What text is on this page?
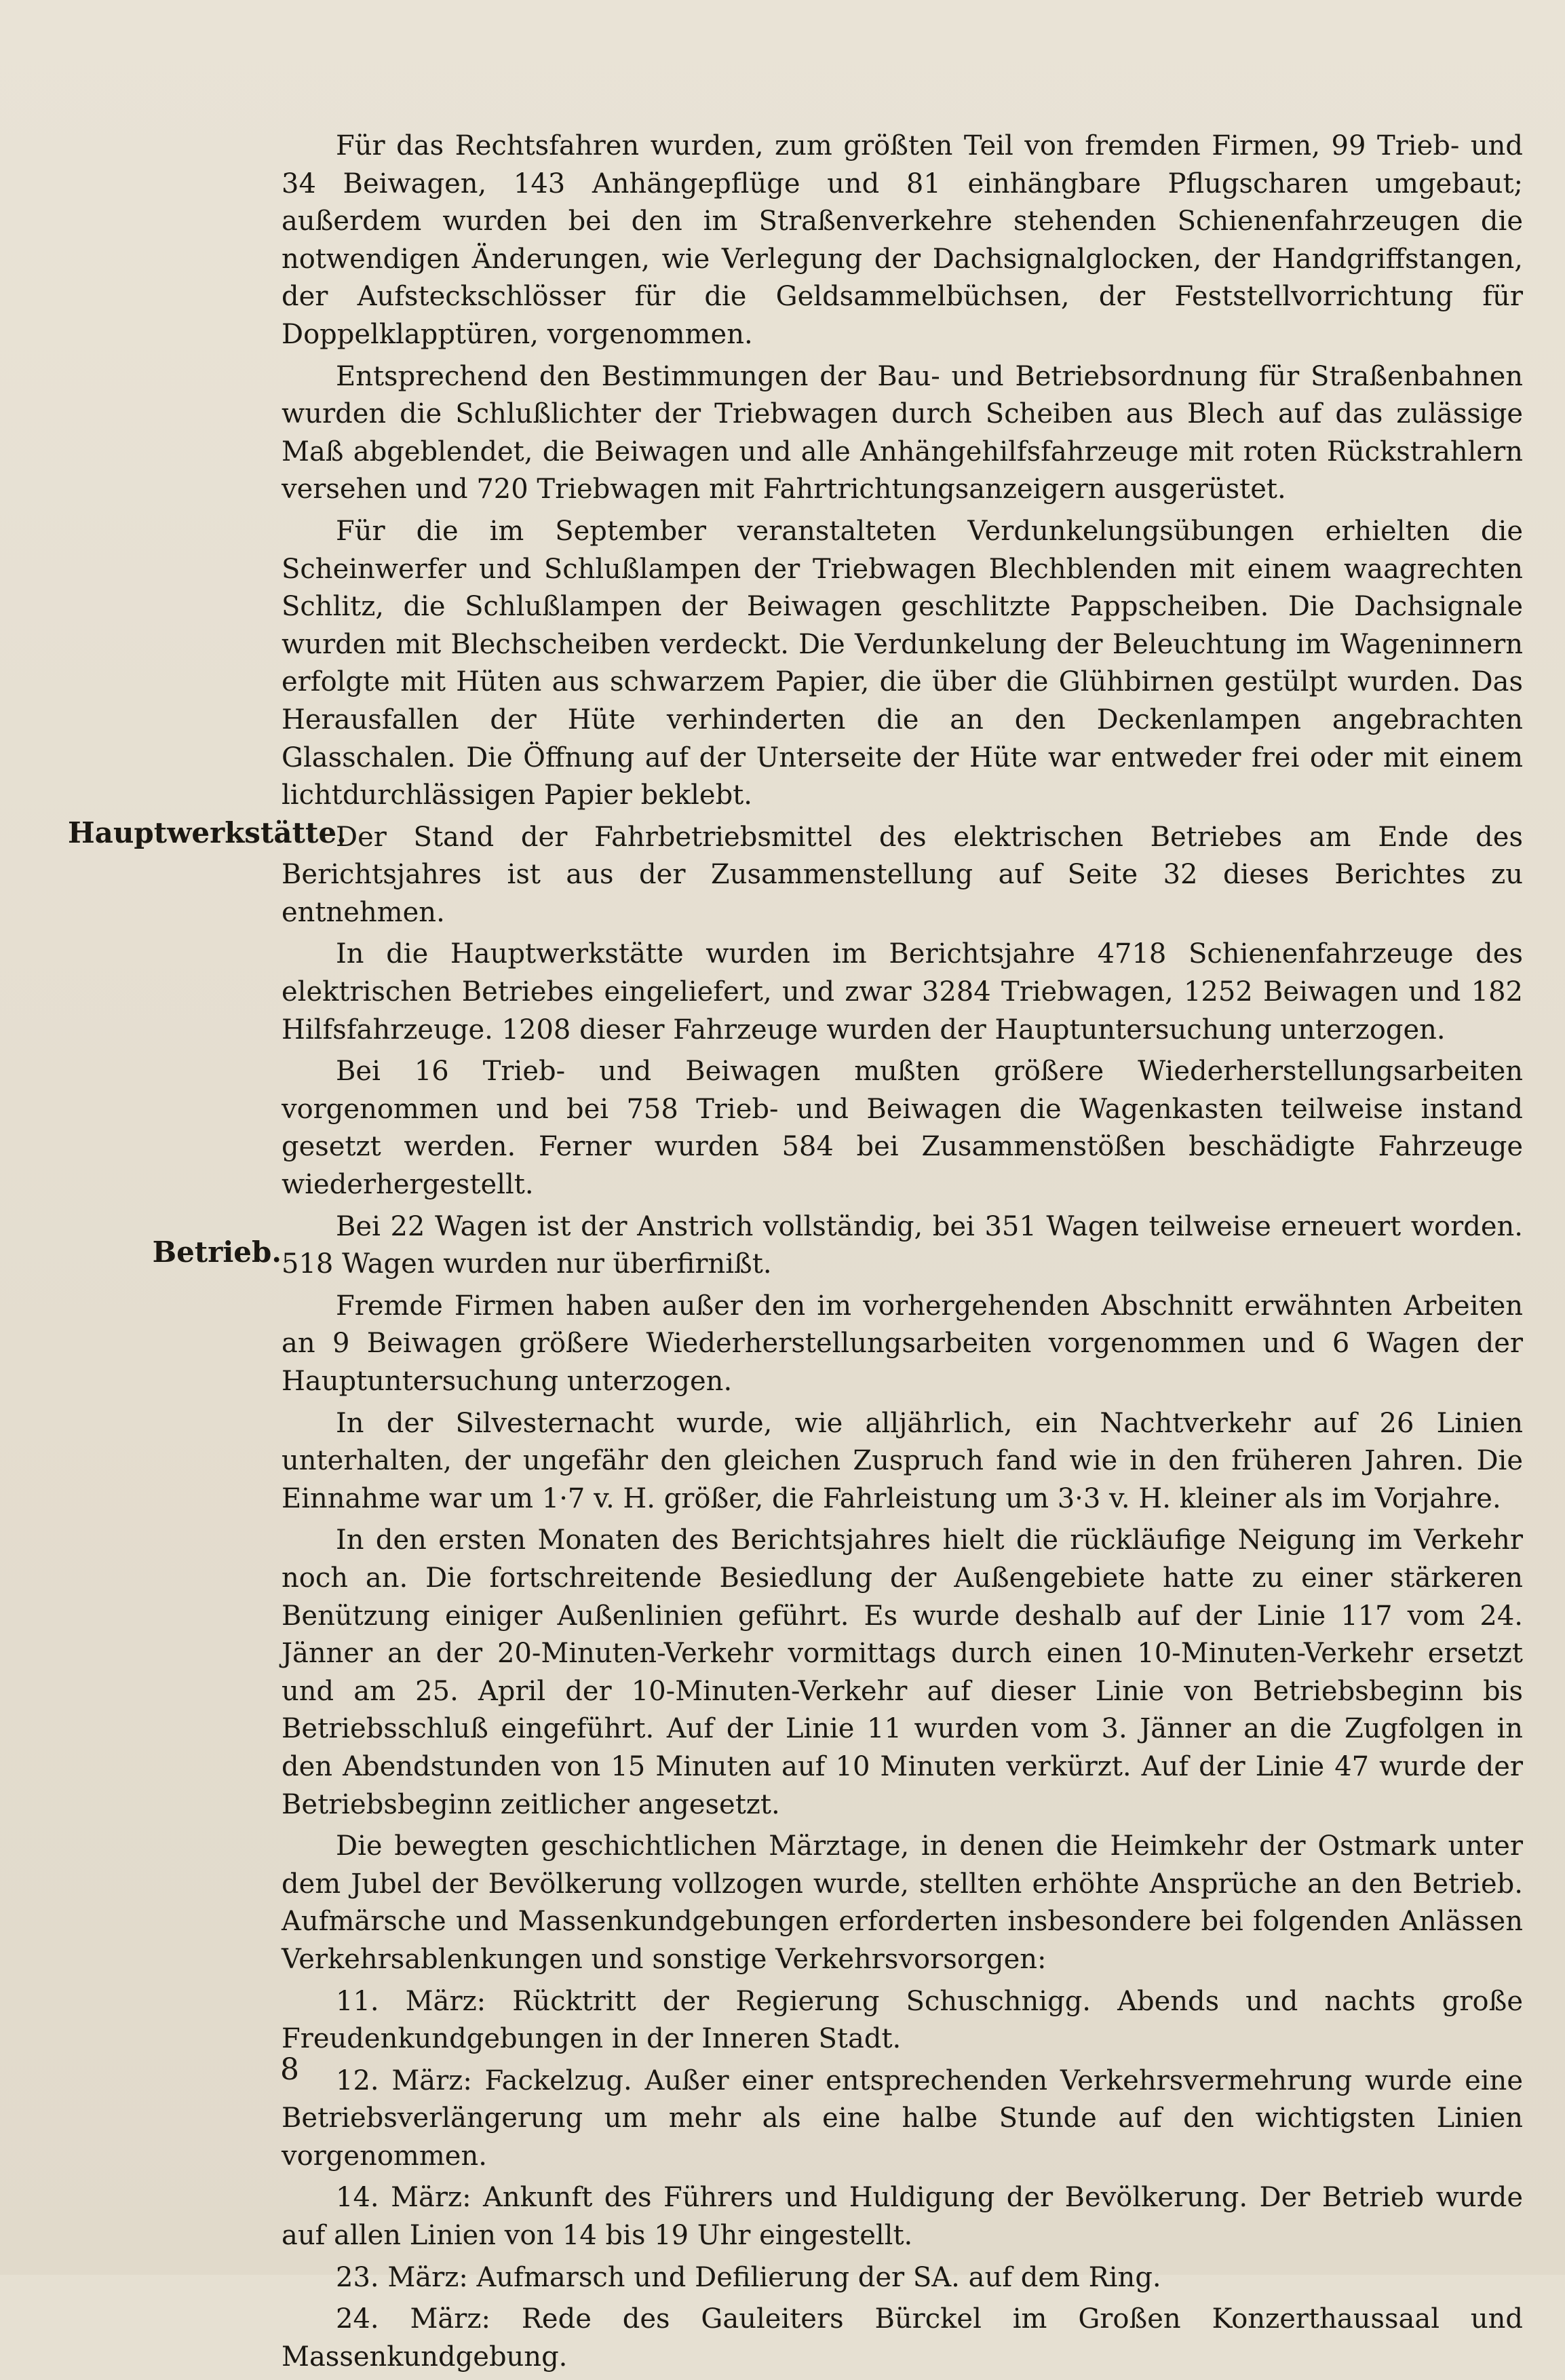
Hauptwerkstätte.
Betrieb.

Für das Rechtsfahren wurden, zum größten Teil von fremden Firmen, 99 Trieb- und 34 Beiwagen, 143 Anhängepflüge und 81 einhängbare Pflugscharen umgebaut; außerdem wurden bei den im Straßenverkehre stehenden Schienenfahrzeugen die notwendigen Änderungen, wie Verlegung der Dachsignalglocken, der Handgriffstangen, der Aufsteckschlösser für die Geldsammelbüchsen, der Feststellvorrichtung für Doppelklapptüren, vorgenommen.

Entsprechend den Bestimmungen der Bau- und Betriebsordnung für Straßenbahnen wurden die Schlußlichter der Triebwagen durch Scheiben aus Blech auf das zulässige Maß abgeblendet, die Beiwagen und alle Anhängehilfsfahrzeuge mit roten Rückstrahlern versehen und 720 Triebwagen mit Fahrtrichtungsanzeigern ausgerüstet.

Für die im September veranstalteten Verdunkelungsübungen erhielten die Scheinwerfer und Schlußlampen der Triebwagen Blechblenden mit einem waagrechten Schlitz, die Schlußlampen der Beiwagen geschlitzte Pappscheiben. Die Dachsignale wurden mit Blechscheiben verdeckt. Die Verdunkelung der Beleuchtung im Wageninnern erfolgte mit Hüten aus schwarzem Papier, die über die Glühbirnen gestülpt wurden. Das Herausfallen der Hüte verhinderten die an den Deckenlampen angebrachten Glasschalen. Die Öffnung auf der Unterseite der Hüte war entweder frei oder mit einem lichtdurchlässigen Papier beklebt.

Der Stand der Fahrbetriebsmittel des elektrischen Betriebes am Ende des Berichtsjahres ist aus der Zusammenstellung auf Seite 32 dieses Berichtes zu entnehmen.

In die Hauptwerkstätte wurden im Berichtsjahre 4718 Schienenfahrzeuge des elektrischen Betriebes eingeliefert, und zwar 3284 Triebwagen, 1252 Beiwagen und 182 Hilfsfahrzeuge. 1208 dieser Fahrzeuge wurden der Hauptuntersuchung unterzogen.

Bei 16 Trieb- und Beiwagen mußten größere Wiederherstellungsarbeiten vorgenommen und bei 758 Trieb- und Beiwagen die Wagenkasten teilweise instand gesetzt werden. Ferner wurden 584 bei Zusammenstößen beschädigte Fahrzeuge wiederhergestellt.

Bei 22 Wagen ist der Anstrich vollständig, bei 351 Wagen teilweise erneuert worden. 518 Wagen wurden nur überfirnißt.

Fremde Firmen haben außer den im vorhergehenden Abschnitt erwähnten Arbeiten an 9 Beiwagen größere Wiederherstellungsarbeiten vorgenommen und 6 Wagen der Hauptuntersuchung unterzogen.

In der Silvesternacht wurde, wie alljährlich, ein Nachtverkehr auf 26 Linien unterhalten, der ungefähr den gleichen Zuspruch fand wie in den früheren Jahren. Die Einnahme war um 1·7 v. H. größer, die Fahrleistung um 3·3 v. H. kleiner als im Vorjahre.

In den ersten Monaten des Berichtsjahres hielt die rückläufige Neigung im Verkehr noch an. Die fortschreitende Besiedlung der Außengebiete hatte zu einer stärkeren Benützung einiger Außenlinien geführt. Es wurde deshalb auf der Linie 117 vom 24. Jänner an der 20-Minuten-Verkehr vormittags durch einen 10-Minuten-Verkehr ersetzt und am 25. April der 10-Minuten-Verkehr auf dieser Linie von Betriebsbeginn bis Betriebsschluß eingeführt. Auf der Linie 11 wurden vom 3. Jänner an die Zugfolgen in den Abendstunden von 15 Minuten auf 10 Minuten verkürzt. Auf der Linie 47 wurde der Betriebsbeginn zeitlicher angesetzt.

Die bewegten geschichtlichen Märztage, in denen die Heimkehr der Ostmark unter dem Jubel der Bevölkerung vollzogen wurde, stellten erhöhte Ansprüche an den Betrieb. Aufmärsche und Massenkundgebungen erforderten insbesondere bei folgenden Anlässen Verkehrsablenkungen und sonstige Verkehrsvorsorgen:

11. März: Rücktritt der Regierung Schuschnigg. Abends und nachts große Freudenkundgebungen in der Inneren Stadt.

12. März: Fackelzug. Außer einer entsprechenden Verkehrsvermehrung wurde eine Betriebsverlängerung um mehr als eine halbe Stunde auf den wichtigsten Linien vorgenommen.

14. März: Ankunft des Führers und Huldigung der Bevölkerung. Der Betrieb wurde auf allen Linien von 14 bis 19 Uhr eingestellt.

23. März: Aufmarsch und Defilierung der SA. auf dem Ring.

24. März: Rede des Gauleiters Bürckel im Großen Konzerthaussaal und Massenkundgebung.

8
